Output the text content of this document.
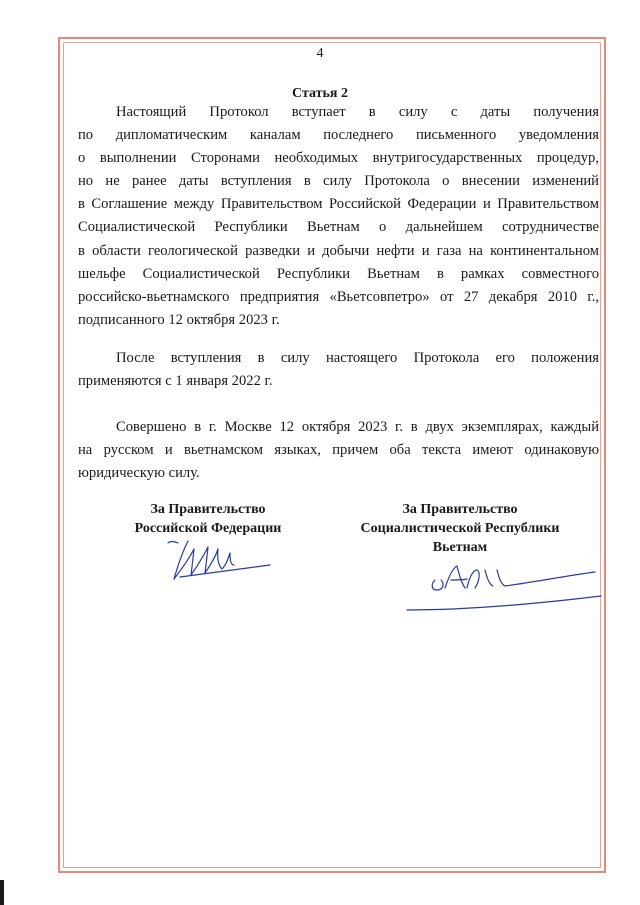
4
Статья 2
Настоящий Протокол вступает в силу с даты получения
по дипломатическим каналам последнего письменного уведомления
о выполнении Сторонами необходимых внутригосударственных процедур,
но не ранее даты вступления в силу Протокола о внесении изменений
в Соглашение между Правительством Российской Федерации и Правительством
Социалистической Республики Вьетнам о дальнейшем сотрудничестве
в области геологической разведки и добычи нефти и газа на континентальном
шельфе Социалистической Республики Вьетнам в рамках совместного
российско-вьетнамского предприятия «Вьетсовпетро» от 27 декабря 2010 г.,
подписанного 12 октября 2023 г.
После вступления в силу настоящего Протокола его положения
применяются с 1 января 2022 г.
Совершено в г. Москве 12 октября 2023 г. в двух экземплярах, каждый
на русском и вьетнамском языках, причем оба текста имеют одинаковую
юридическую силу.
За Правительство
Российской Федерации
За Правительство
Социалистической Республики
Вьетнам
